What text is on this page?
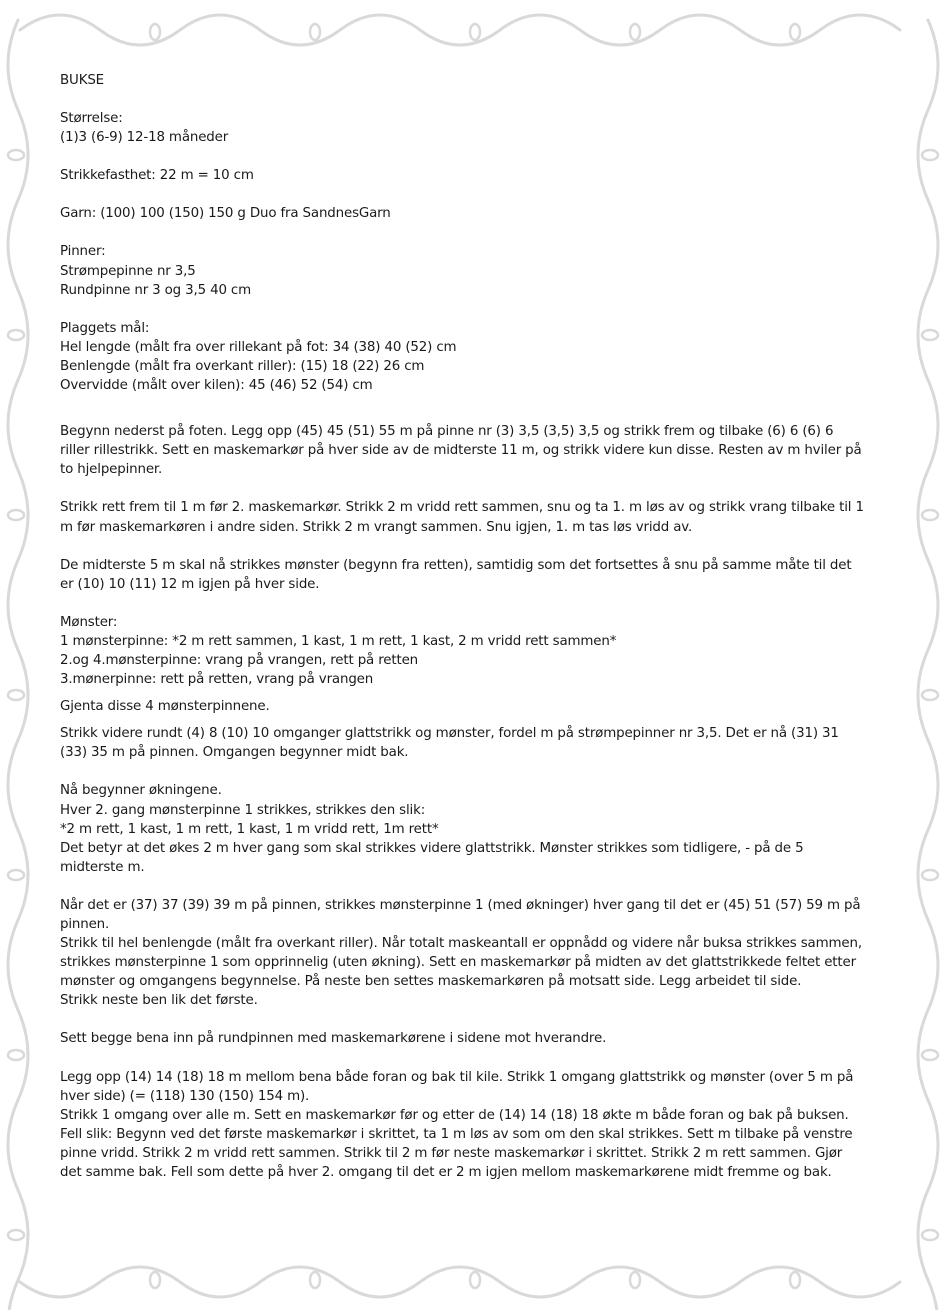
BUKSE
Størrelse:
(1)3 (6-9) 12-18 måneder
Strikkefasthet: 22 m = 10 cm
Garn: (100) 100 (150) 150 g Duo fra SandnesGarn
Pinner:
Strømpepinne nr 3,5
Rundpinne nr 3 og 3,5 40 cm
Plaggets mål:
Hel lengde (målt fra over rillekant på fot: 34 (38) 40 (52) cm
Benlengde (målt fra overkant riller): (15) 18 (22) 26 cm
Overvidde (målt over kilen): 45 (46) 52 (54) cm
Begynn nederst på foten. Legg opp (45) 45 (51) 55 m på pinne nr (3) 3,5 (3,5) 3,5 og strikk frem og tilbake (6) 6 (6) 6 riller rillestrikk. Sett en maskemarkør på hver side av de midterste 11 m, og strikk videre kun disse. Resten av m hviler på to hjelpepinner.
Strikk rett frem til 1 m før 2. maskemarkør. Strikk 2 m vridd rett sammen, snu og ta 1. m løs av og strikk vrang tilbake til 1 m før maskemarkøren i andre siden. Strikk 2 m vrangt sammen. Snu igjen, 1. m tas løs vridd av.
De midterste 5 m skal nå strikkes mønster (begynn fra retten), samtidig som det fortsettes å snu på samme måte til det er (10) 10 (11) 12 m igjen på hver side.
Mønster:
1 mønsterpinne: *2 m rett sammen, 1 kast, 1 m rett, 1 kast, 2 m vridd rett sammen*
2.og 4.mønsterpinne: vrang på vrangen, rett på retten
3.mønerpinne: rett på retten, vrang på vrangen
Gjenta disse 4 mønsterpinnene.
Strikk videre rundt (4) 8 (10) 10 omganger glattstrikk og mønster, fordel m på strømpepinner nr 3,5. Det er nå (31) 31 (33) 35 m på pinnen. Omgangen begynner midt bak.
Nå begynner økningene.
Hver 2. gang mønsterpinne 1 strikkes, strikkes den slik:
*2 m rett, 1 kast, 1 m rett, 1 kast, 1 m vridd rett, 1m rett*
Det betyr at det økes 2 m hver gang som skal strikkes videre glattstrikk. Mønster strikkes som tidligere, - på de 5 midterste m.
Når det er (37) 37 (39) 39 m på pinnen, strikkes mønsterpinne 1 (med økninger) hver gang til det er (45) 51 (57) 59 m på pinnen.
Strikk til hel benlengde (målt fra overkant riller). Når totalt maskeantall er oppnådd og videre når buksa strikkes sammen, strikkes mønsterpinne 1 som opprinnelig (uten økning). Sett en maskemarkør på midten av det glattstrikkede feltet etter mønster og omgangens begynnelse. På neste ben settes maskemarkøren på motsatt side. Legg arbeidet til side.
Strikk neste ben lik det første.
Sett begge bena inn på rundpinnen med maskemarkørene i sidene mot hverandre.
Legg opp (14) 14 (18) 18 m mellom bena både foran og bak til kile. Strikk 1 omgang glattstrikk og mønster (over 5 m på hver side) (= (118) 130 (150) 154 m).
Strikk 1 omgang over alle m. Sett en maskemarkør før og etter de (14) 14 (18) 18 økte m både foran og bak på buksen.
Fell slik: Begynn ved det første maskemarkør i skrittet, ta 1 m løs av som om den skal strikkes. Sett m tilbake på venstre pinne vridd. Strikk 2 m vridd rett sammen. Strikk til 2 m før neste maskemarkør i skrittet. Strikk 2 m rett sammen. Gjør det samme bak. Fell som dette på hver 2. omgang til det er 2 m igjen mellom maskemarkørene midt fremme og bak.
